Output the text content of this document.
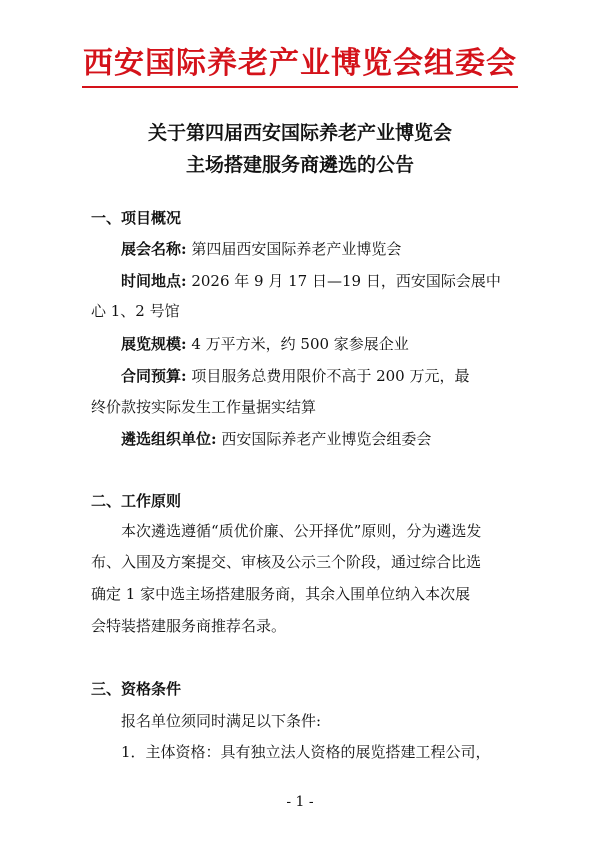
西安国际养老产业博览会组委会
关于第四届西安国际养老产业博览会
主场搭建服务商遴选的公告
一、项目概况
展会名称: 第四届西安国际养老产业博览会
时间地点: 2026 年 9 月 17 日—19 日，西安国际会展中
心 1、2 号馆
展览规模: 4 万平方米，约 500 家参展企业
合同预算: 项目服务总费用限价不高于 200 万元，最
终价款按实际发生工作量据实结算
遴选组织单位: 西安国际养老产业博览会组委会
二、工作原则
本次遴选遵循“质优价廉、公开择优”原则，分为遴选发
布、入围及方案提交、审核及公示三个阶段，通过综合比选
确定 1 家中选主场搭建服务商，其余入围单位纳入本次展
会特装搭建服务商推荐名录。
三、资格条件
报名单位须同时满足以下条件:
1．主体资格：具有独立法人资格的展览搭建工程公司，
- 1 -
